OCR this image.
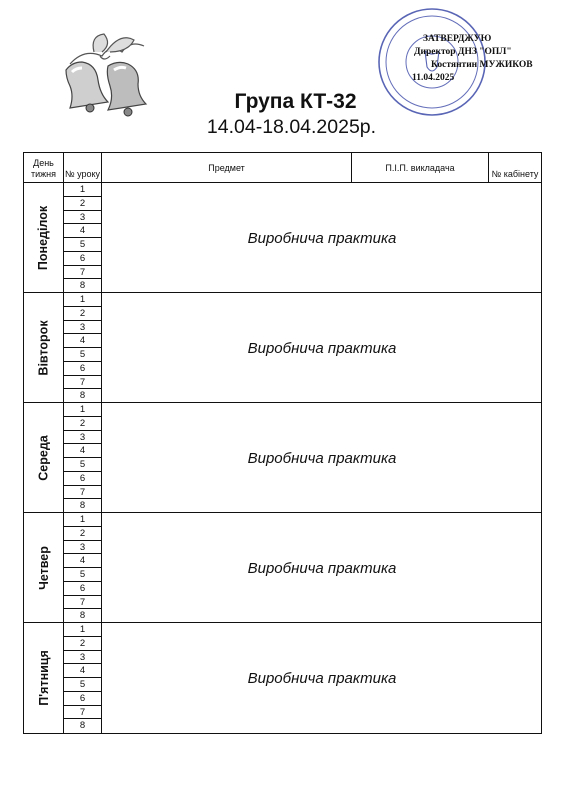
ЗАТВЕРДЖУЮ
Директор ДНЗ "ОПЛ"
Костянтин МУЖИКОВ
11.04.2025
Група КТ-32
14.04-18.04.2025р.
День тижня № уроку
Предмет	П.І.П. викладача
№ кабінету
Понеділок
1
2
3
4
5
6
7
8
Виробнича практика
Вівторок
1
2
3
4
5
6
7
8
Виробнича практика
Середа
1
2
3
4
5
6
7
8
Виробнича практика
Четвер
1
2
3
4
5
6
7
8
Виробнича практика
П'ятниця
1
2
3
4
5
6
7
8
Виробнича практика
